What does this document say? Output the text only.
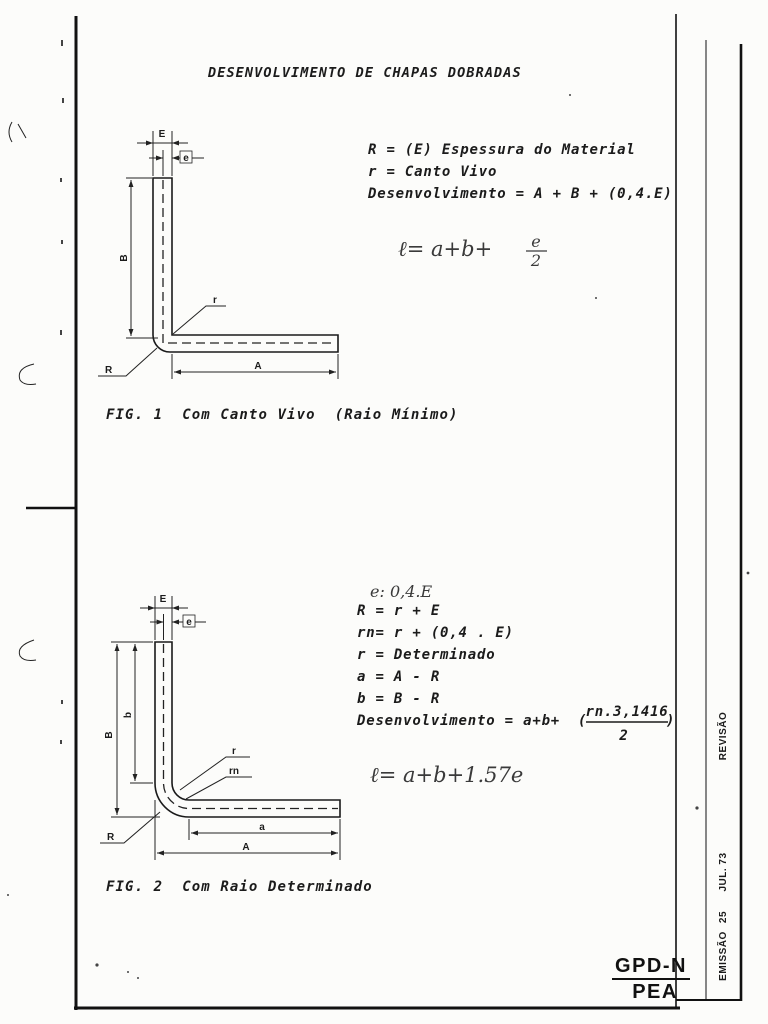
DESENVOLVIMENTO DE CHAPAS DOBRADAS
E
e
B
r
R	A
R = (E) Espessura do Material
r = Canto Vivo
Desenvolvimento = A + B + (0,4.E)
ℓ= a+b+ e
2
FIG. 1  Com Canto Vivo  (Raio Mínimo)
E
e
B
b
r
rn
R
a
A
e: 0,4.E
R = r + E
rn= r + (0,4 . E)
r = Determinado
a = A - R
b = B - R
Desenvolvimento = a+b+ (
rn.3,1416
2
)
ℓ= a+b+1.57e
FIG. 2  Com Raio Determinado
REVISÃO
EMISSÃO
25
JUL. 73
GPD-N
PEA
